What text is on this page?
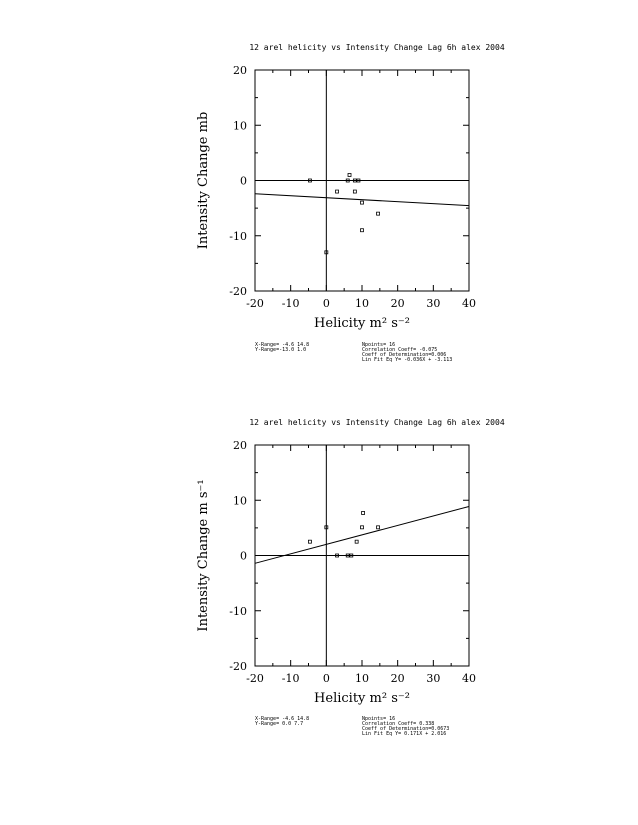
12 arel helicity vs Intensity Change Lag 6h alex 2004
-20 -10 0 10 20 30 40
20
10
0
-10
-20
Helicity m² s⁻²
Intensity Change mb
X-Range= -4.6 14.8
Y-Range=-13.0 1.0
Npoints= 16
Correlation Coeff= -0.075
Coeff of Determination=0.006
Lin Fit Eq Y= -0.036X + -3.113
12 arel helicity vs Intensity Change Lag 6h alex 2004
-20 -10 0 10 20 30 40
20
10
0
-10
-20
Helicity m² s⁻²
Intensity Change m s⁻¹
X-Range= -4.6 14.8
Y-Range= 0.0 7.7
Npoints= 16
Correlation Coeff= 0.338
Coeff of Determination=0.0673
Lin Fit Eq Y= 0.171X + 2.016
